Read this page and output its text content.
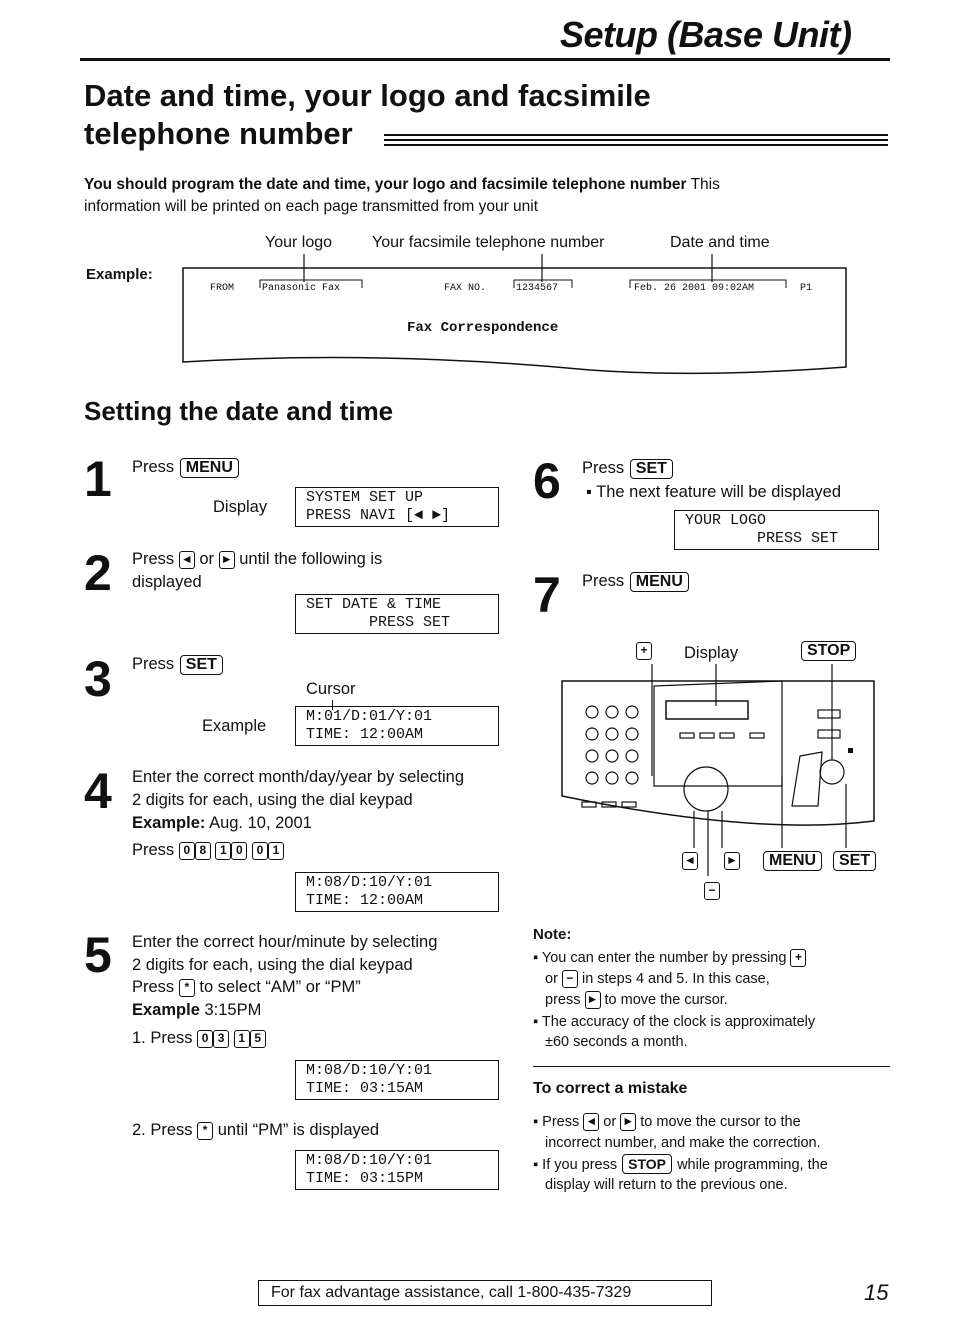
Setup (Base Unit)
Date and time, your logo and facsimile
telephone number
You should program the date and time, your logo and facsimile telephone number This
information will be printed on each page transmitted from your unit
Your logo Your facsimile telephone number	Date and time
Example:
FROM	Panasonic Fax	FAX NO.	1234567	Feb. 26 2001 09:02AM	P1
Fax Correspondence
Setting the date and time
1 Press MENU
Display
SYSTEM SET UP
PRESS NAVI [◄ ►]
2 Press ◄ or ► until the following is
displayed
SET DATE & TIME
PRESS SET
3 Press SET
Cursor
Example
M:01/D:01/Y:01
TIME: 12:00AM
4 Enter the correct month/day/year by selecting
2 digits for each, using the dial keypad
Example: Aug. 10, 2001
Press 0 8 1 0 0 1
M:08/D:10/Y:01
TIME: 12:00AM
5 Enter the correct hour/minute by selecting
2 digits for each, using the dial keypad
Press * to select “AM” or “PM”
Example 3:15PM
1. Press 0 3 1 5
M:08/D:10/Y:01
TIME: 03:15AM
2. Press * until “PM” is displayed
M:08/D:10/Y:01
TIME: 03:15PM
6 Press SET
▪ The next feature will be displayed
YOUR LOGO
PRESS SET
7 Press MENU
+ Display	STOP
◄	►	MENU	SET
−
Note:
▪ You can enter the number by pressing +
or − in steps 4 and 5. In this case,
press ► to move the cursor.
▪ The accuracy of the clock is approximately
±60 seconds a month.
To correct a mistake
▪ Press ◄ or ► to move the cursor to the
incorrect number, and make the correction.
▪ If you press STOP while programming, the
display will return to the previous one.
For fax advantage assistance, call 1-800-435-7329	15
